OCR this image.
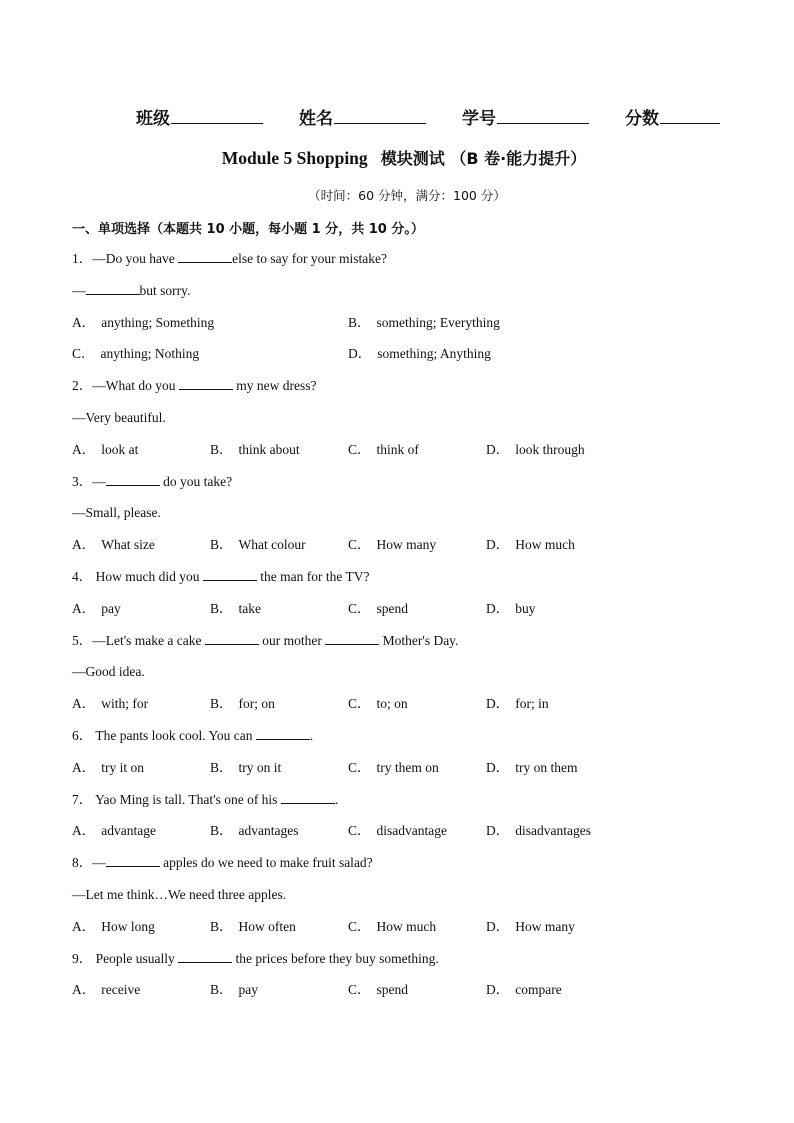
班级	姓名	学号	分数
Module 5 Shopping 模块测试 （B 卷·能力提升）
（时间：60 分钟，满分：100 分）
一、单项选择（本题共 10 小题，每小题 1 分，共 10 分。）
1．—Do you have	else to say for your mistake?
—	but sorry.
A． anything; Something	B． something; Everything
C． anything; Nothing	D． something; Anything
2．—What do you	my new dress?
—Very beautiful.
A． look at	B． think about	C． think of	D． look through
3．—	do you take?
—Small, please.
A． What size	B． What colour	C． How many	D． How much
4． How much did you	the man for the TV?
A． pay	B． take	C． spend	D． buy
5．—Let's make a cake	our mother	Mother's Day.
—Good idea.
A． with; for	B． for; on	C． to; on	D． for; in
6． The pants look cool. You can	.
A． try it on	B． try on it	C． try them on	D． try on them
7． Yao Ming is tall. That's one of his	.
A． advantage	B． advantages	C． disadvantage	D． disadvantages
8．—	apples do we need to make fruit salad?
—Let me think…We need three apples.
A． How long	B． How often	C． How much	D． How many
9． People usually	the prices before they buy something.
A． receive	B． pay	C． spend	D． compare
